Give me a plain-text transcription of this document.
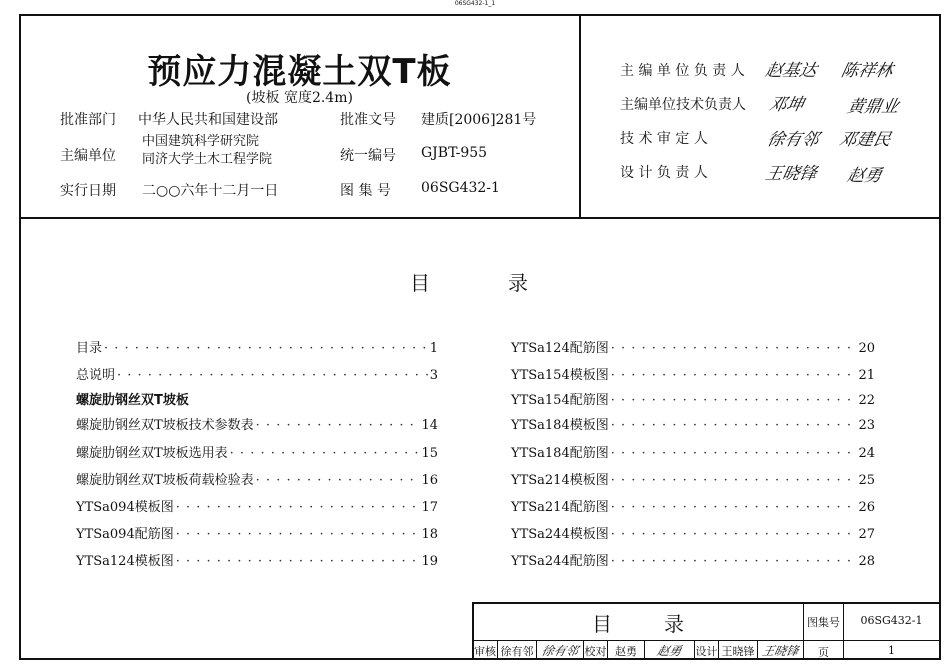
06SG432-1_1
预应力混凝土双T板
(坡板 宽度2.4m)
批准部门 中华人民共和国建设部
主编单位
中国建筑科学研究院
同济大学土木工程学院
实行日期 二○○六年十二月一日
批准文号 建质[2006]281号
统一编号 GJBT-955
图 集 号 06SG432-1
主 编 单 位 负 责 人 赵基达 陈祥林
主编单位技术负责人 邓坤 黄鼎业
技 术 审 定 人	徐有邻 邓建民
设 计 负 责 人	王晓锋 赵勇
目	录
目录 · · ·	1
总说明 · · ·	3
螺旋肋钢丝双T坡板
螺旋肋钢丝双T坡板技术参数表 · · ·	14
螺旋肋钢丝双T坡板选用表 · · ·	15
螺旋肋钢丝双T坡板荷载检验表 · · ·	16
YTSa094模板图 · · ·	17
YTSa094配筋图 · · ·	18
YTSa124模板图 · · ·	19
YTSa124配筋图 · · ·	20
YTSa154模板图 · · ·	21
YTSa154配筋图 · · ·	22
YTSa184模板图 · · ·	23
YTSa184配筋图 · · ·	24
YTSa214模板图 · · ·	25
YTSa214配筋图 · · ·	26
YTSa244模板图 · · ·	27
YTSa244配筋图 · · ·	28
目 录	图集号	06SG432-1
页	1
审核 徐有邻 徐有邻 校对 赵勇	赵勇	设计 王晓锋 王晓锋
